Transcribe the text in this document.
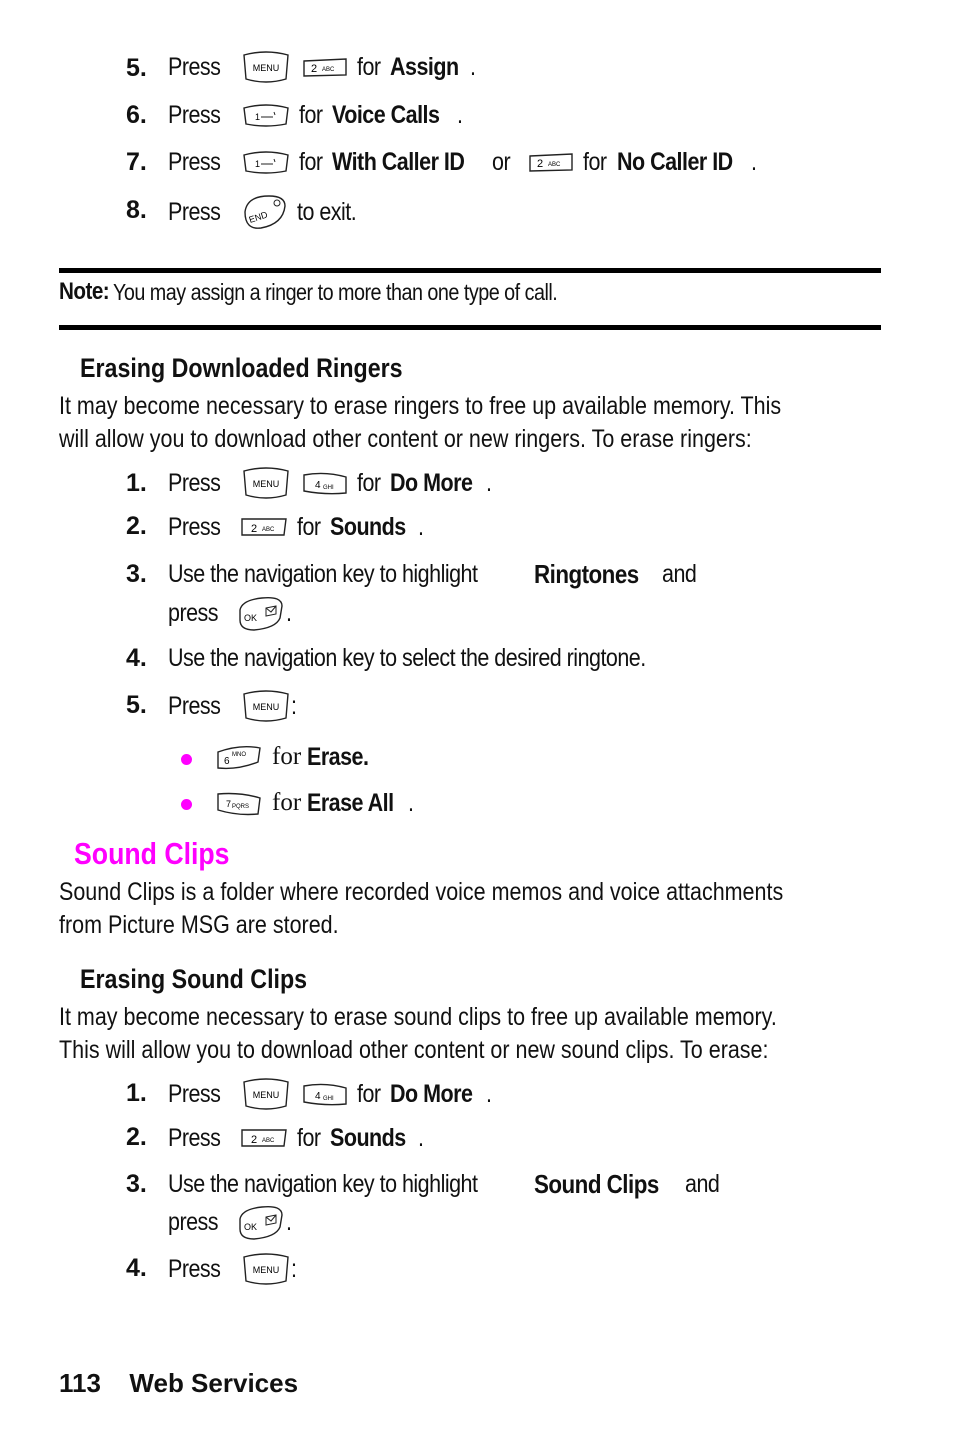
5. Press	MENU	2 ABC for Assign .
6. Press	1 for Voice Calls .
7. Press	1 for With Caller ID or 2 ABC for No Caller ID .
8. Press	END to exit.
Note: You may assign a ringer to more than one type of call.
Erasing Downloaded Ringers
It may become necessary to erase ringers to free up available memory. This
will allow you to download other content or new ringers. To erase ringers:
1. Press	MENU	4 GHI for Do More .
2. Press	2 ABC for Sounds .
3. Use the navigation key to highlight Ringtones and
press	OK .
4. Use the navigation key to select the desired ringtone.
5. Press	MENU :
6
MNO for Erase.
7 PQRS for Erase All .
Sound Clips
Sound Clips is a folder where recorded voice memos and voice attachments
from Picture MSG are stored.
Erasing Sound Clips
It may become necessary to erase sound clips to free up available memory.
This will allow you to download other content or new sound clips. To erase:
1. Press	MENU	4 GHI for Do More .
2. Press	2 ABC for Sounds .
3. Use the navigation key to highlight Sound Clips and
press	OK .
4. Press	MENU :
113 Web Services
